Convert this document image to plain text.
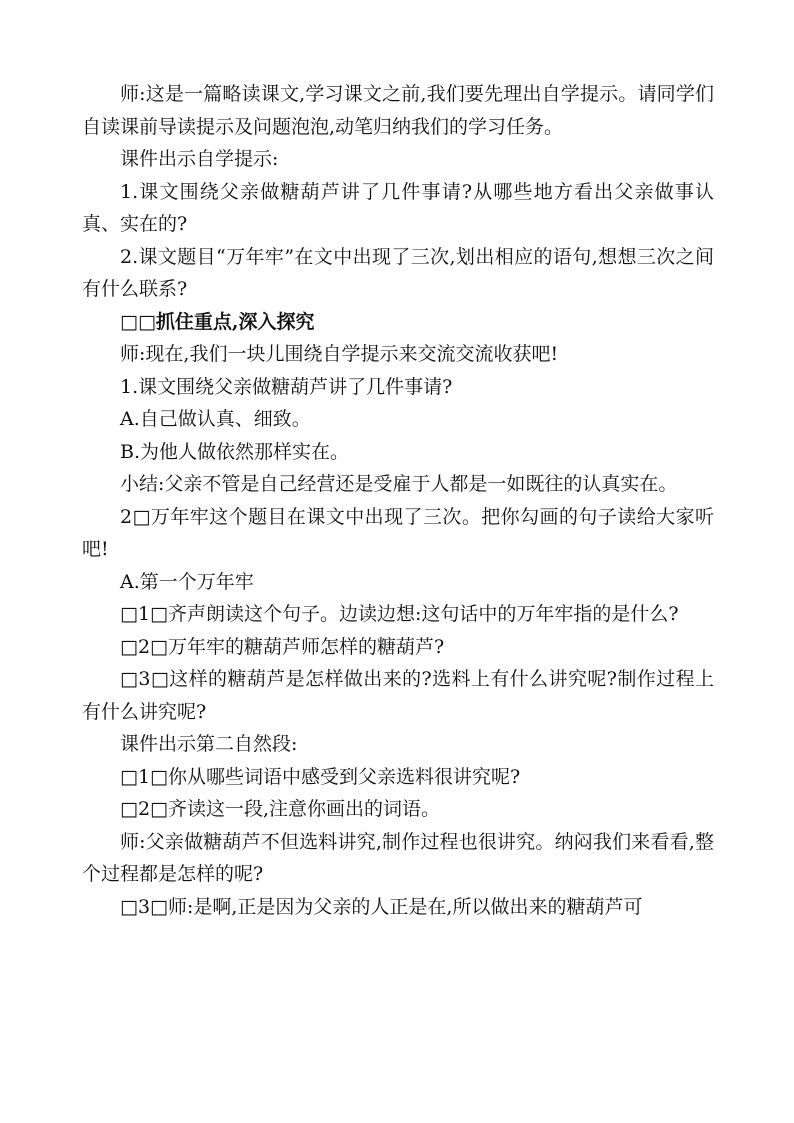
师:这是一篇略读课文,学习课文之前,我们要先理出自学提示。请同学们自读课前导读提示及问题泡泡,动笔归纳我们的学习任务。

课件出示自学提示:

1.课文围绕父亲做糖葫芦讲了几件事请?从哪些地方看出父亲做事认真、实在的?

2.课文题目“万年牢”在文中出现了三次,划出相应的语句,想想三次之间有什么联系?

□□抓住重点,深入探究

师:现在,我们一块儿围绕自学提示来交流交流收获吧!

1.课文围绕父亲做糖葫芦讲了几件事请?

A.自己做认真、细致。

B.为他人做依然那样实在。

小结:父亲不管是自己经营还是受雇于人都是一如既往的认真实在。

2□万年牢这个题目在课文中出现了三次。把你勾画的句子读给大家听吧!

A.第一个万年牢

□1□齐声朗读这个句子。边读边想:这句话中的万年牢指的是什么?

□2□万年牢的糖葫芦师怎样的糖葫芦?

□3□这样的糖葫芦是怎样做出来的?选料上有什么讲究呢?制作过程上有什么讲究呢?

课件出示第二自然段:

□1□你从哪些词语中感受到父亲选料很讲究呢?

□2□齐读这一段,注意你画出的词语。

师:父亲做糖葫芦不但选料讲究,制作过程也很讲究。纳闷我们来看看,整个过程都是怎样的呢?

□3□师:是啊,正是因为父亲的人正是在,所以做出来的糖葫芦可
